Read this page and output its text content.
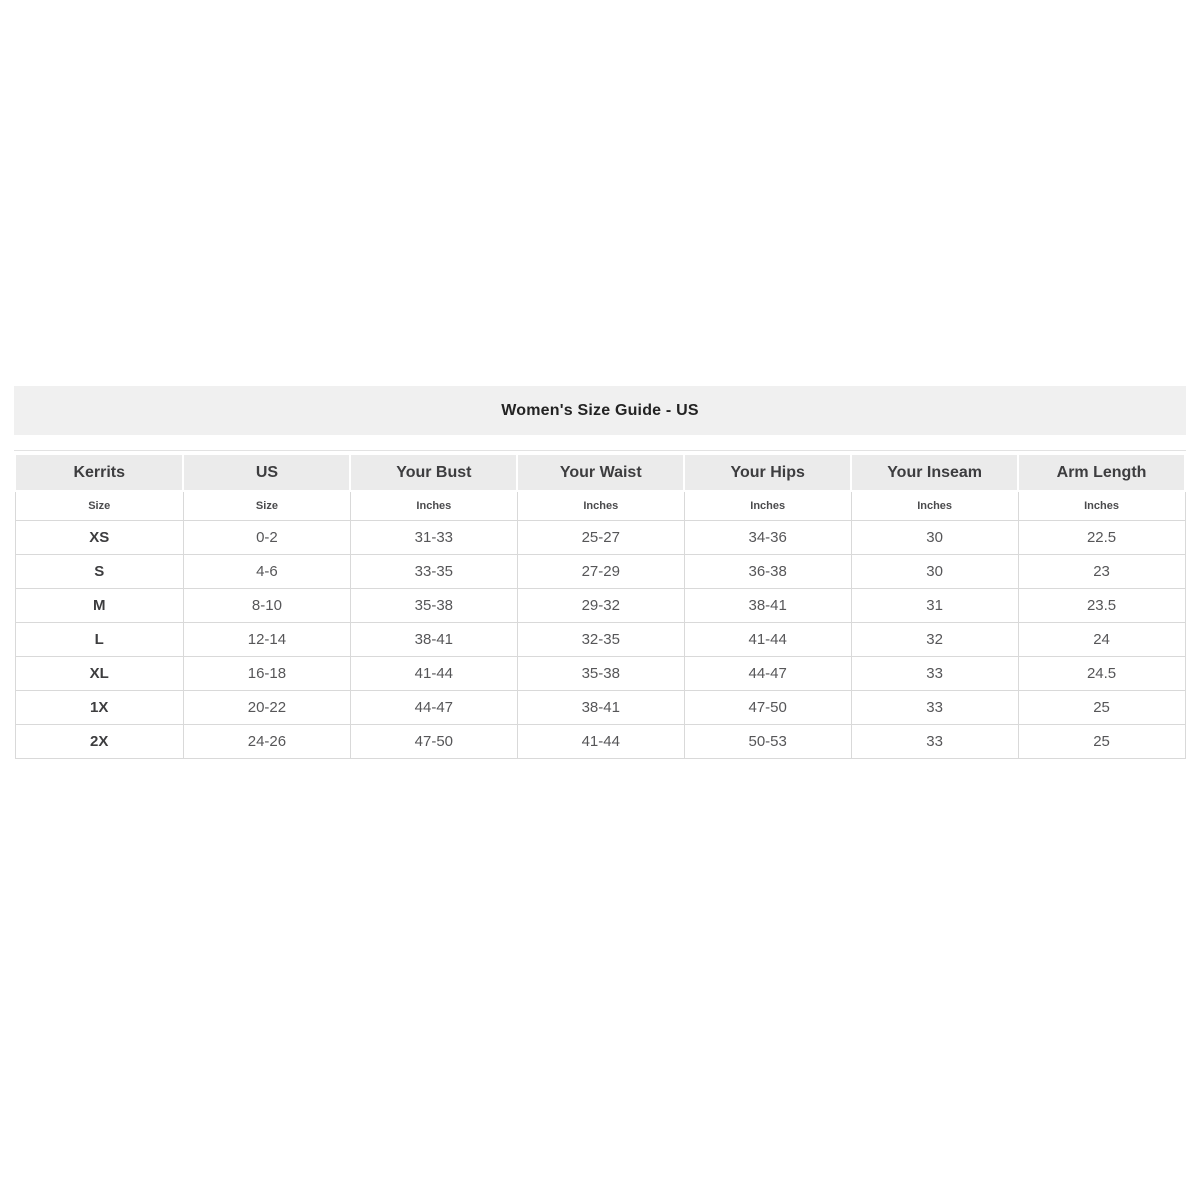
Women's Size Guide - US
Kerrits	US	Your Bust	Your Waist	Your Hips	Your Inseam	Arm Length
Size	Size	Inches	Inches	Inches	Inches	Inches
XS	0-2	31-33	25-27	34-36	30	22.5
S	4-6	33-35	27-29	36-38	30	23
M	8-10	35-38	29-32	38-41	31	23.5
L	12-14	38-41	32-35	41-44	32	24
XL	16-18	41-44	35-38	44-47	33	24.5
1X	20-22	44-47	38-41	47-50	33	25
2X	24-26	47-50	41-44	50-53	33	25
